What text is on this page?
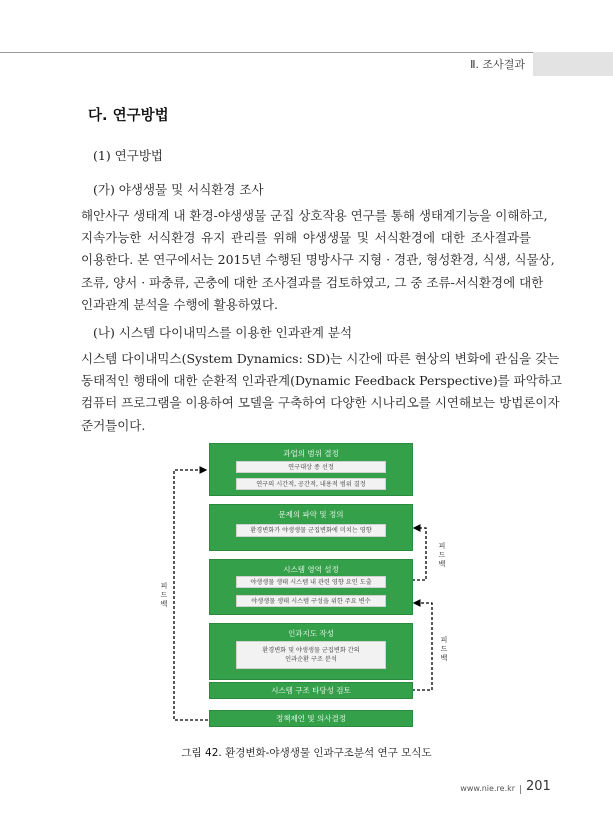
Ⅱ. 조사결과
다. 연구방법
(1) 연구방법
(가) 야생생물 및 서식환경 조사
해안사구 생태계 내 환경-야생생물 군집 상호작용 연구를 통해 생태계기능을 이해하고,
지속가능한 서식환경 유지 관리를 위해 야생생물 및 서식환경에 대한 조사결과를
이용한다. 본 연구에서는 2015년 수행된 명방사구 지형 · 경관, 형성환경, 식생, 식물상,
조류, 양서 · 파충류, 곤충에 대한 조사결과를 검토하였고, 그 중 조류-서식환경에 대한
인과관계 분석을 수행에 활용하였다.
(나) 시스템 다이내믹스를 이용한 인과관계 분석
시스템 다이내믹스(System Dynamics: SD)는 시간에 따른 현상의 변화에 관심을 갖는
동태적인 행태에 대한 순환적 인과관계(Dynamic Feedback Perspective)를 파악하고
컴퓨터 프로그램을 이용하여 모델을 구축하여 다양한 시나리오를 시연해보는 방법론이자
준거틀이다.
과업의 범위 결정
연구대상 종 선정
연구의 시간적, 공간적, 내용적 범위 결정
문제의 파악 및 정의
환경변화가 야생생물 군집변화에 미치는 영향
시스템 영역 설정
야생생물 생태 시스템 내 관련 영향 요인 도출
야생생물 생태 시스템 구성을 위한 주요 변수
인과지도 작성
환경변화 및 야생생물 군집변화 간의
인과순환 구조 분석
시스템 구조 타당성 검토
정책제언 및 의사결정
피드백
피드백
피드백
그림 42. 환경변화-야생생물 인과구조분석 연구 모식도
www.nie.re.kr 201
